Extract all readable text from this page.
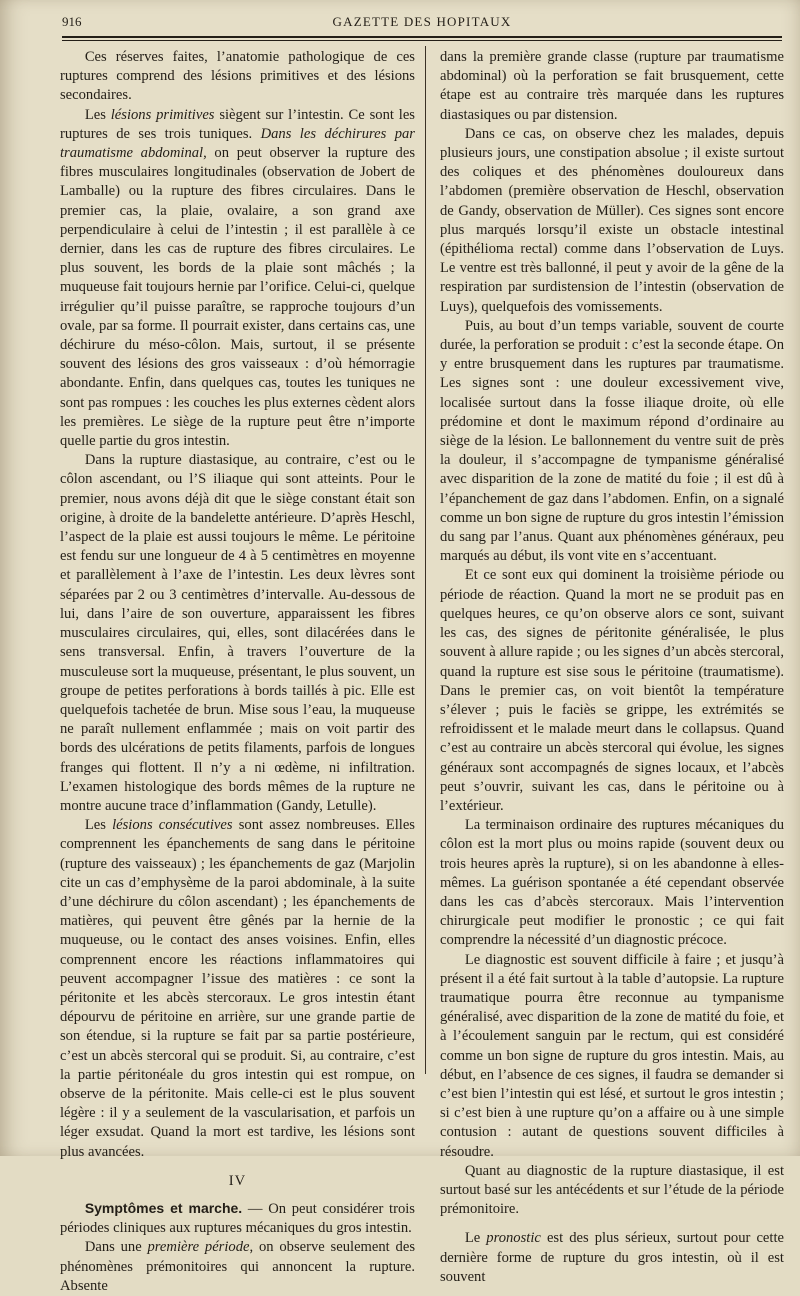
916	GAZETTE DES HOPITAUX

Ces réserves faites, l’anatomie pathologique de ces ruptures comprend des lésions primitives et des lésions secondaires.

Les lésions primitives siègent sur l’intestin. Ce sont les ruptures de ses trois tuniques. Dans les déchirures par traumatisme abdominal, on peut observer la rupture des fibres musculaires longitudinales (observation de Jobert de Lamballe) ou la rupture des fibres circulaires. Dans le premier cas, la plaie, ovalaire, a son grand axe perpendiculaire à celui de l’intestin ; il est parallèle à ce dernier, dans les cas de rupture des fibres circulaires. Le plus souvent, les bords de la plaie sont mâchés ; la muqueuse fait toujours hernie par l’orifice. Celui-ci, quelque irrégulier qu’il puisse paraître, se rapproche toujours d’un ovale, par sa forme. Il pourrait exister, dans certains cas, une déchirure du méso-côlon. Mais, surtout, il se présente souvent des lésions des gros vaisseaux : d’où hémorragie abondante. Enfin, dans quelques cas, toutes les tuniques ne sont pas rompues : les couches les plus externes cèdent alors les premières. Le siège de la rupture peut être n’importe quelle partie du gros intestin.

Dans la rupture diastasique, au contraire, c’est ou le côlon ascendant, ou l’S iliaque qui sont atteints. Pour le premier, nous avons déjà dit que le siège constant était son origine, à droite de la bandelette antérieure. D’après Heschl, l’aspect de la plaie est aussi toujours le même. Le péritoine est fendu sur une longueur de 4 à 5 centimètres en moyenne et parallèlement à l’axe de l’intestin. Les deux lèvres sont séparées par 2 ou 3 centimètres d’intervalle. Au-dessous de lui, dans l’aire de son ouverture, apparaissent les fibres musculaires circulaires, qui, elles, sont dilacérées dans le sens transversal. Enfin, à travers l’ouverture de la musculeuse sort la muqueuse, présentant, le plus souvent, un groupe de petites perforations à bords taillés à pic. Elle est quelquefois tachetée de brun. Mise sous l’eau, la muqueuse ne paraît nullement enflammée ; mais on voit partir des bords des ulcérations de petits filaments, parfois de longues franges qui flottent. Il n’y a ni œdème, ni infiltration. L’examen histologique des bords mêmes de la rupture ne montre aucune trace d’inflammation (Gandy, Letulle).

Les lésions consécutives sont assez nombreuses. Elles comprennent les épanchements de sang dans le péritoine (rupture des vaisseaux) ; les épanchements de gaz (Marjolin cite un cas d’emphysème de la paroi abdominale, à la suite d’une déchirure du côlon ascendant) ; les épanchements de matières, qui peuvent être gênés par la hernie de la muqueuse, ou le contact des anses voisines. Enfin, elles comprennent encore les réactions inflammatoires qui peuvent accompagner l’issue des matières : ce sont la péritonite et les abcès stercoraux. Le gros intestin étant dépourvu de péritoine en arrière, sur une grande partie de son étendue, si la rupture se fait par sa partie postérieure, c’est un abcès stercoral qui se produit. Si, au contraire, c’est la partie péritonéale du gros intestin qui est rompue, on observe de la péritonite. Mais celle-ci est le plus souvent légère : il y a seulement de la vascularisation, et parfois un léger exsudat. Quand la mort est tardive, les lésions sont plus avancées.

IV

Symptômes et marche. — On peut considérer trois périodes cliniques aux ruptures mécaniques du gros intestin.

Dans une première période, on observe seulement des phénomènes prémonitoires qui annoncent la rupture. Absente

dans la première grande classe (rupture par traumatisme abdominal) où la perforation se fait brusquement, cette étape est au contraire très marquée dans les ruptures diastasiques ou par distension.

Dans ce cas, on observe chez les malades, depuis plusieurs jours, une constipation absolue ; il existe surtout des coliques et des phénomènes douloureux dans l’abdomen (première observation de Heschl, observation de Gandy, observation de Müller). Ces signes sont encore plus marqués lorsqu’il existe un obstacle intestinal (épithélioma rectal) comme dans l’observation de Luys. Le ventre est très ballonné, il peut y avoir de la gêne de la respiration par surdistension de l’intestin (observation de Luys), quelquefois des vomissements.

Puis, au bout d’un temps variable, souvent de courte durée, la perforation se produit : c’est la seconde étape. On y entre brusquement dans les ruptures par traumatisme. Les signes sont : une douleur excessivement vive, localisée surtout dans la fosse iliaque droite, où elle prédomine et dont le maximum répond d’ordinaire au siège de la lésion. Le ballonnement du ventre suit de près la douleur, il s’accompagne de tympanisme généralisé avec disparition de la zone de matité du foie ; il est dû à l’épanchement de gaz dans l’abdomen. Enfin, on a signalé comme un bon signe de rupture du gros intestin l’émission du sang par l’anus. Quant aux phénomènes généraux, peu marqués au début, ils vont vite en s’accentuant.

Et ce sont eux qui dominent la troisième période ou période de réaction. Quand la mort ne se produit pas en quelques heures, ce qu’on observe alors ce sont, suivant les cas, des signes de péritonite généralisée, le plus souvent à allure rapide ; ou les signes d’un abcès stercoral, quand la rupture est sise sous le péritoine (traumatisme). Dans le premier cas, on voit bientôt la température s’élever ; puis le faciès se grippe, les extrémités se refroidissent et le malade meurt dans le collapsus. Quand c’est au contraire un abcès stercoral qui évolue, les signes généraux sont accompagnés de signes locaux, et l’abcès peut s’ouvrir, suivant les cas, dans le péritoine ou à l’extérieur.

La terminaison ordinaire des ruptures mécaniques du côlon est la mort plus ou moins rapide (souvent deux ou trois heures après la rupture), si on les abandonne à elles-mêmes. La guérison spontanée a été cependant observée dans les cas d’abcès stercoraux. Mais l’intervention chirurgicale peut modifier le pronostic ; ce qui fait comprendre la nécessité d’un diagnostic précoce.

Le diagnostic est souvent difficile à faire ; et jusqu’à présent il a été fait surtout à la table d’autopsie. La rupture traumatique pourra être reconnue au tympanisme généralisé, avec disparition de la zone de matité du foie, et à l’écoulement sanguin par le rectum, qui est considéré comme un bon signe de rupture du gros intestin. Mais, au début, en l’absence de ces signes, il faudra se demander si c’est bien l’intestin qui est lésé, et surtout le gros intestin ; si c’est bien à une rupture qu’on a affaire ou à une simple contusion : autant de questions souvent difficiles à résoudre.

Quant au diagnostic de la rupture diastasique, il est surtout basé sur les antécédents et sur l’étude de la période prémonitoire.

Le pronostic est des plus sérieux, surtout pour cette dernière forme de rupture du gros intestin, où il est souvent
